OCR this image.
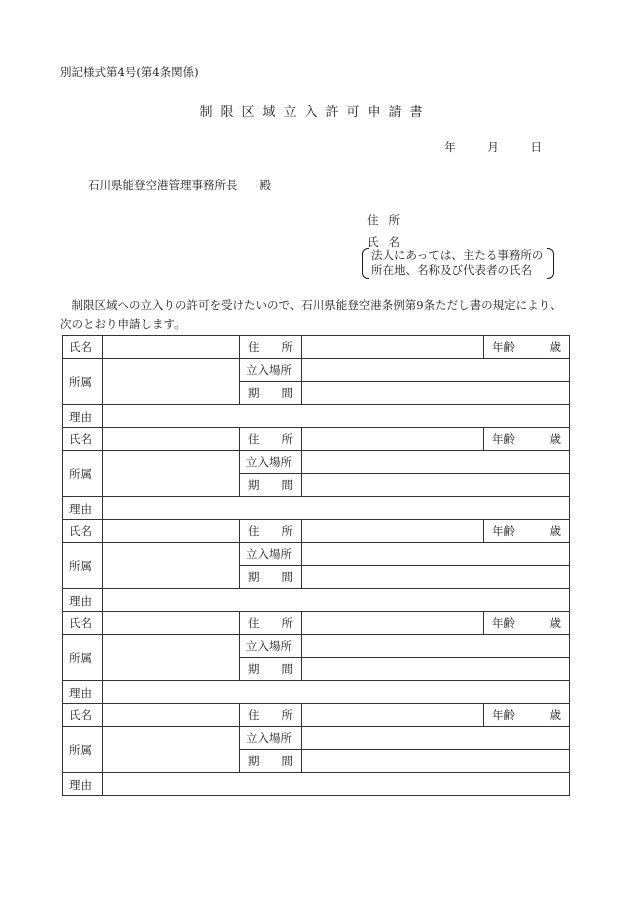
別記様式第4号(第4条関係)
制限区域立入許可申請書
年	月	日
石川県能登空港管理事務所長 殿
住所
氏名
法人にあっては、主たる事務所の
所在地、名称及び代表者の氏名
制限区域への立入りの許可を受けたいので、石川県能登空港条例第9条ただし書の規定により、次のとおり申請します。
氏名	住 所	年齢	歳
所属
立入場所
期 間
理由
氏名	住 所	年齢	歳
所属
立入場所
期 間
理由
氏名	住 所	年齢	歳
所属
立入場所
期 間
理由
氏名	住 所	年齢	歳
所属
立入場所
期 間
理由
氏名	住 所	年齢	歳
所属
立入場所
期 間
理由
